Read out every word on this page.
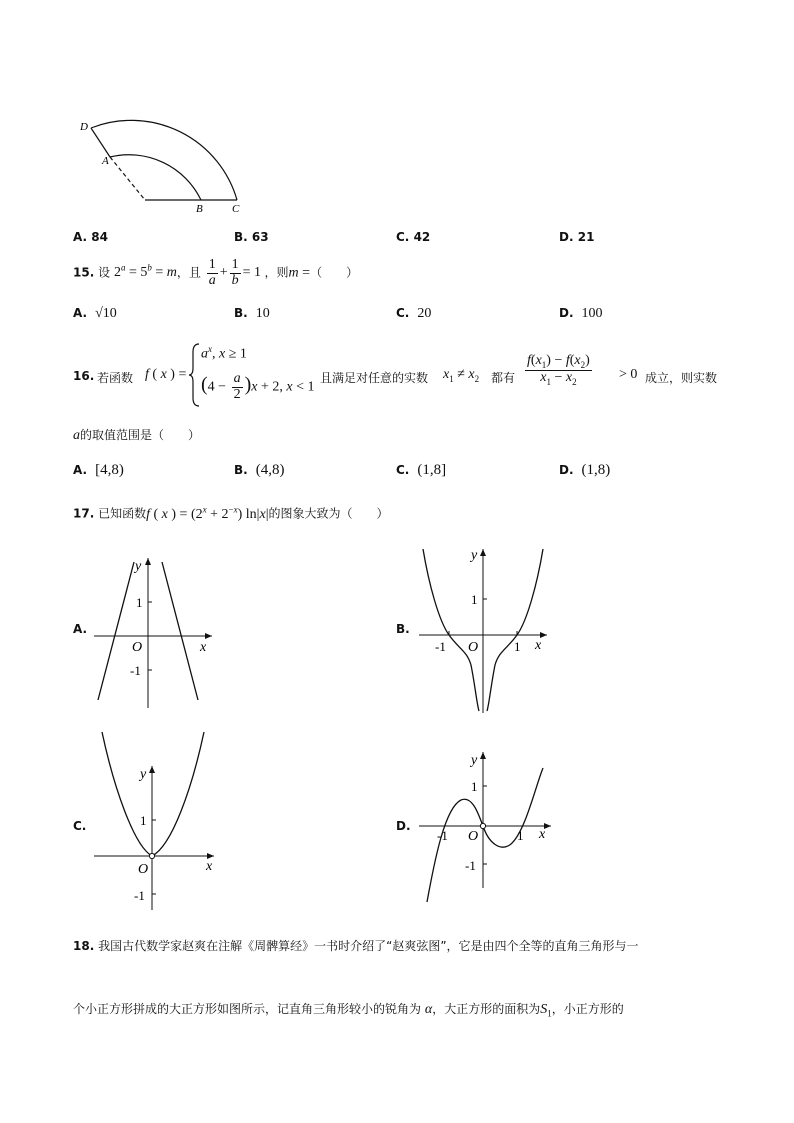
D
A
B	C
A. 84	B. 63	C. 42	D. 21
15. 设 $2^a = 5^b = m$，且 $\frac{1}{a} + \frac{1}{b} = 1$ ，则m =（　　）
A. √10	B. 10	C. 20	D. 100
16. 若函数 f ( x ) =
$a^x$, x ≥ 1
$(4 - \frac{a}{2} )x + 2$, x < 1
且满足对任意的实数 $x_1 \ne x_2$ 都有 $\frac{f(x_1) - f(x_2)}{x_1 - x_2} > 0$ 成立，则实数
a的取值范围是（　　）
A. [4,8)	B. (4,8)	C. (1,8]	D. (1,8)
17. 已知函数f ( x ) = $(2^x + 2^{-x})$ ln|x|的图象大致为（　　）
A.
y
1
O	x
-1
B.
y
1
-1 O	1 x
C.
y
1
O	x
-1
D.
y
1
-1 O	1 x
-1
18. 我国古代数学家赵爽在注解《周髀算经》一书时介绍了“赵爽弦图”，它是由四个全等的直角三角形与一
个小正方形拼成的大正方形如图所示，记直角三角形较小的锐角为 α，大正方形的面积为$S_1$，小正方形的
